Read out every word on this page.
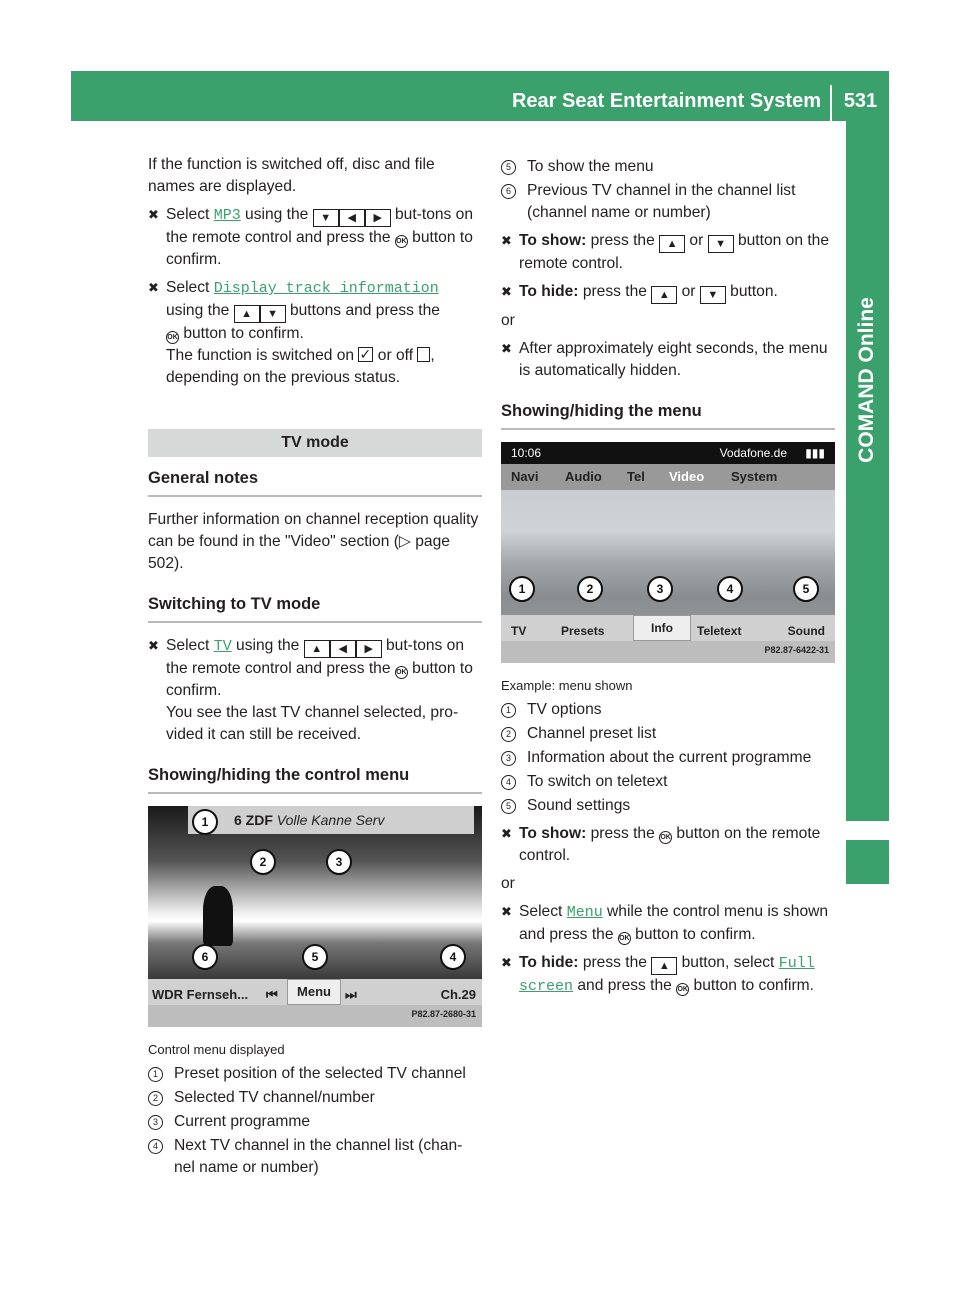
Rear Seat Entertainment System	531
COMAND Online

If the function is switched off, disc and file names are displayed.

✖ Select MP3 using the ▼ ◀ ▶ but-tons on the remote control and press the OK button to confirm.
✖ Select Display track information
using the ▲ ▼ buttons and press the
OK button to confirm.
The function is switched on ✓ or off ,
depending on the previous status.
TV mode
General notes

Further information on channel reception quality can be found in the "Video" section (▷ page 502).

Switching to TV mode
✖ Select TV using the ▲ ◀ ▶ but-tons on the remote control and press the OK button to confirm.
You see the last TV channel selected, pro-vided it can still be received.
Showing/hiding the control menu
6 ZDF Volle Kanne Serv
WDR Fernseh... ⏮	Menu	⏭	Ch.29
P82.87-2680-31
1
2	3
6	5	4

Control menu displayed

1	Preset position of the selected TV channel
2	Selected TV channel/number
3	Current programme
4	Next TV channel in the channel list (chan-nel name or number)
5	To show the menu
6	Previous TV channel in the channel list (channel name or number)
✖ To show: press the ▲ or ▼ button on the remote control.
✖ To hide: press the ▲ or ▼ button.

or

✖ After approximately eight seconds, the menu is automatically hidden.
Showing/hiding the menu
10:06	Vodafone.de ▮▮▮
Navi Audio Tel Video System
TV	Presets	Info	Teletext	Sound
P82.87-6422-31
1	2	3	4	5

Example: menu shown

1	TV options
2	Channel preset list
3	Information about the current programme
4	To switch on teletext
5	Sound settings
✖ To show: press the OK button on the remote control.

or

✖ Select Menu while the control menu is shown and press the OK button to confirm.
✖ To hide: press the ▲ button, select Full screen and press the OK button to confirm.
